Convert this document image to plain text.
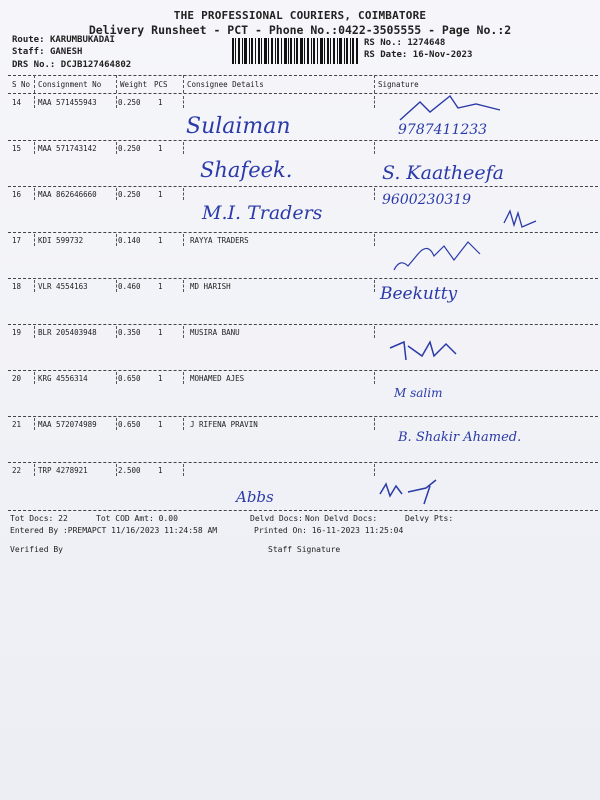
THE PROFESSIONAL COURIERS, COIMBATORE
Delivery Runsheet - PCT - Phone No.:0422-3505555 - Page No.:2
Route: KARUMBUKADAI
Staff: GANESH
DRS No.: DCJB127464802
RS No.: 1274648
RS Date: 16-Nov-2023
S No Consignment No	Weight PCS	Consignee Details	Signature
14 MAA 571455943	0.250 1
Sulaiman	9787411233
15 MAA 571743142	0.250 1
Shafeek.	S. Kaatheefa
16 MAA 862646660	0.250 1
M.I. Traders
9600230319
17 KDI 599732	0.140 1	RAYYA TRADERS
18 VLR 4554163	0.460 1	MD HARISH	Beekutty
19 BLR 205403948	0.350 1	MUSIRA BANU
20 KRG 4556314	0.650 1	MOHAMED AJES
M salim
21 MAA 572074989	0.650 1	J RIFENA PRAVIN
B. Shakir Ahamed.
22 TRP 4278921	2.500 1
Abbs
Tot Docs: 22	Tot COD Amt: 0.00	Delvd Docs: Non Delvd Docs:	Delvy Pts:
Entered By :PREMAPCT 11/16/2023 11:24:58 AM	Printed On: 16-11-2023 11:25:04
Verified By	Staff Signature
